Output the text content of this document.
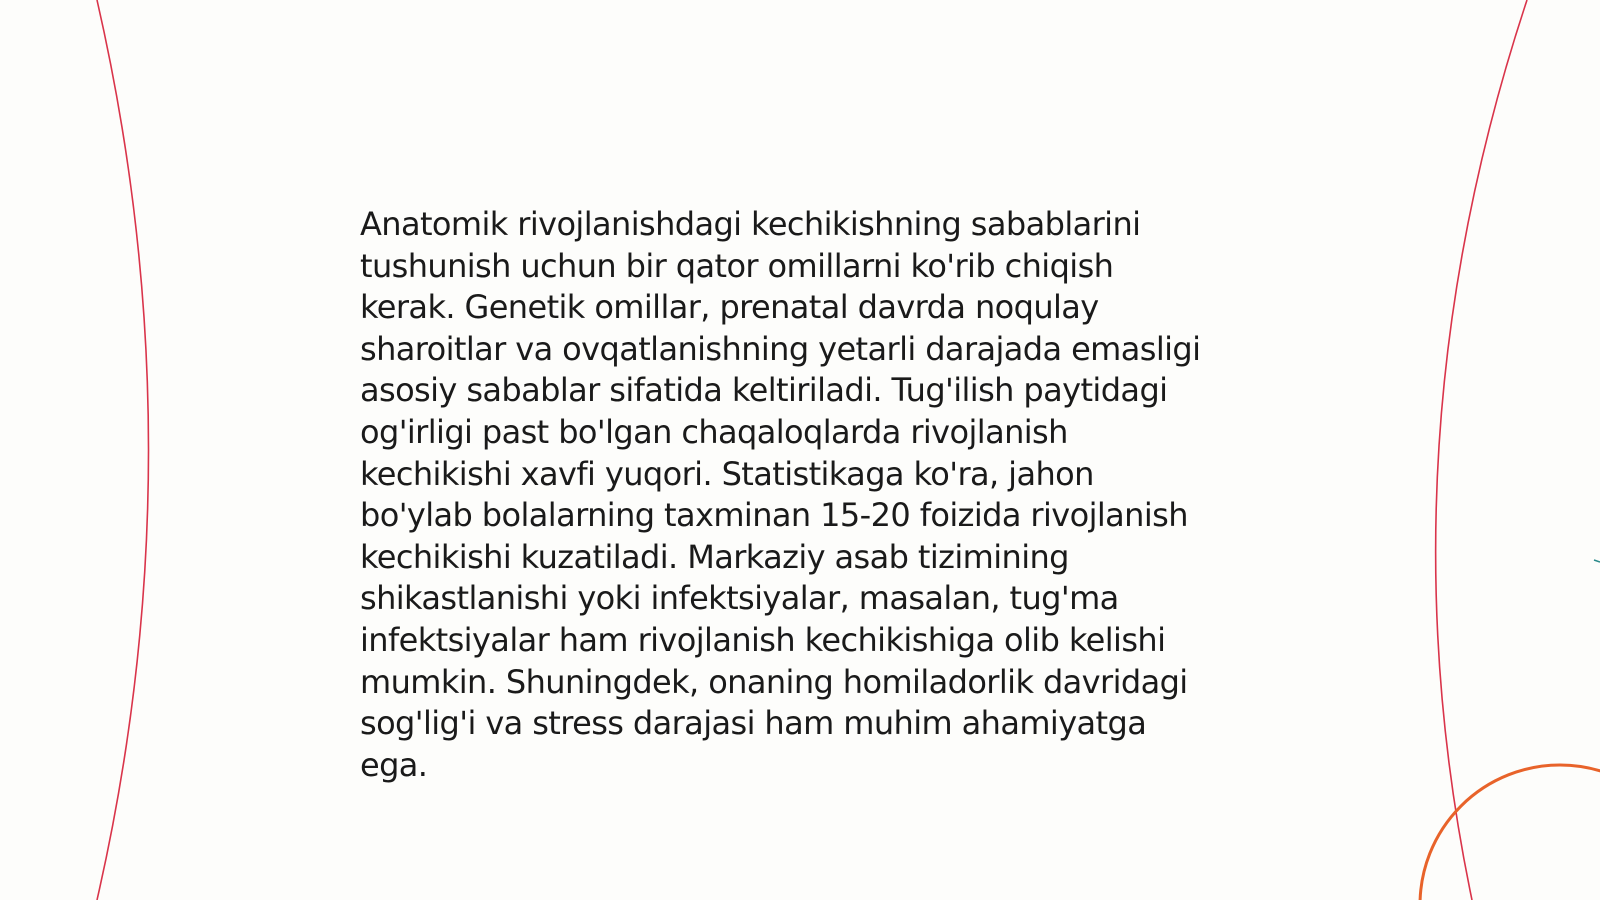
Anatomik rivojlanishdagi kechikishning sabablarini
tushunish uchun bir qator omillarni ko'rib chiqish
kerak. Genetik omillar, prenatal davrda noqulay
sharoitlar va ovqatlanishning yetarli darajada emasligi
asosiy sabablar sifatida keltiriladi. Tug'ilish paytidagi
og'irligi past bo'lgan chaqaloqlarda rivojlanish
kechikishi xavfi yuqori. Statistikaga ko'ra, jahon
bo'ylab bolalarning taxminan 15-20 foizida rivojlanish
kechikishi kuzatiladi. Markaziy asab tizimining
shikastlanishi yoki infektsiyalar, masalan, tug'ma
infektsiyalar ham rivojlanish kechikishiga olib kelishi
mumkin. Shuningdek, onaning homiladorlik davridagi
sog'lig'i va stress darajasi ham muhim ahamiyatga
ega.
